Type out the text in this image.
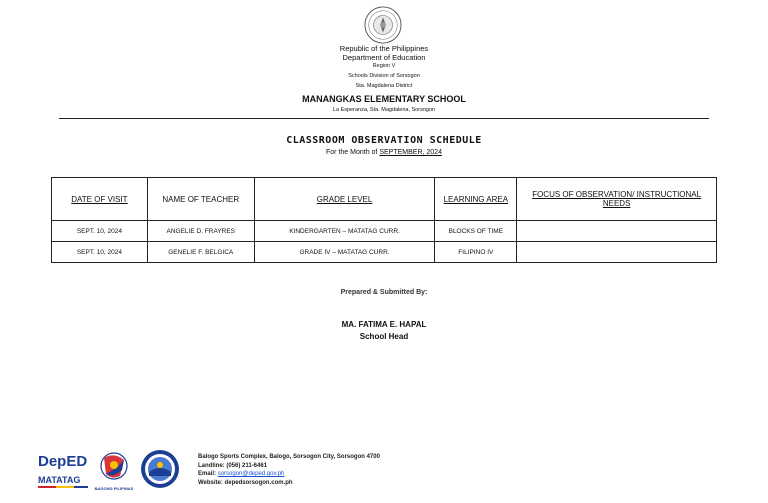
Republic of the Philippines
Department of Education
Region V
Schools Division of Sorsogon
Sta. Magdalena District
MANANGKAS ELEMENTARY SCHOOL
La Esperanza, Sta. Magdalena, Sorsogon
CLASSROOM OBSERVATION SCHEDULE
For the Month of SEPTEMBER, 2024
DATE OF VISIT	NAME OF TEACHER	GRADE LEVEL	LEARNING AREA	FOCUS OF OBSERVATION/ INSTRUCTIONAL NEEDS
SEPT. 10, 2024	ANGELIE D. FRAYRES	KINDERGARTEN – MATATAG CURR.	BLOCKS OF TIME	
SEPT. 10, 2024	GENELIE F. BELGICA	GRADE IV – MATATAG CURR.	FILIPINO IV	
Prepared & Submitted By:
MA. FATIMA E. HAPAL
School Head
DepED
MATATAG
BAGONG PILIPINAS
Balogo Sports Complex, Balogo, Sorsogon City, Sorsogon 4700
Landline: (056) 211-6461
Email: sorsogon@deped.gov.ph
Website: depedsorsogon.com.ph
